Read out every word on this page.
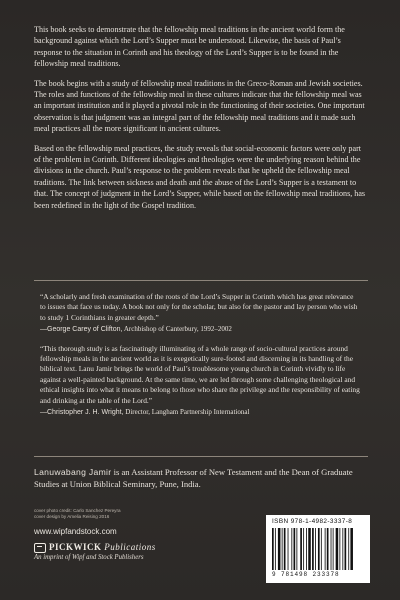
This book seeks to demonstrate that the fellowship meal traditions in the ancient world form the background against which the Lord’s Supper must be understood. Likewise, the basis of Paul’s response to the situation in Corinth and his theology of the Lord’s Supper is to be found in the fellowship meal traditions.

The book begins with a study of fellowship meal traditions in the Greco-Roman and Jewish societies. The roles and functions of the fellowship meal in these cultures indicate that the fellowship meal was an important institution and it played a pivotal role in the functioning of their societies. One important observation is that judgment was an integral part of the fellowship meal traditions and it made such meal practices all the more significant in ancient cultures.

Based on the fellowship meal practices, the study reveals that social-economic factors were only part of the problem in Corinth. Different ideologies and theologies were the underlying reason behind the divisions in the church. Paul’s response to the problem reveals that he upheld the fellowship meal traditions. The link between sickness and death and the abuse of the Lord’s Supper is a testament to that. The concept of judgment in the Lord’s Supper, while based on the fellowship meal traditions, has been redefined in the light of the Gospel tradition.

“A scholarly and fresh examination of the roots of the Lord’s Supper in Corinth which has great relevance to issues that face us today. A book not only for the scholar, but also for the pastor and lay person who wish to study 1 Corinthians in greater depth.”
—George Carey of Clifton, Archbishop of Canterbury, 1992–2002
“This thorough study is as fascinatingly illuminating of a whole range of socio-cultural practices around fellowship meals in the ancient world as it is exegetically sure-footed and discerning in its handling of the biblical text. Lanu Jamir brings the world of Paul’s troublesome young church in Corinth vividly to life against a well-painted background. At the same time, we are led through some challenging theological and ethical insights into what it means to belong to those who share the privilege and the responsibility of eating and drinking at the table of the Lord.”
—Christopher J. H. Wright, Director, Langham Partnership International
Lanuwabang Jamir is an Assistant Professor of New Testament and the Dean of Graduate Studies at Union Biblical Seminary, Pune, India.
cover photo credit: Carlo Sanchez Pereyra
cover design by Amelia Reising 2016
www.wipfandstock.com
PICKWICK Publications
An imprint of Wipf and Stock Publishers
ISBN 978-1-4982-3337-8
9 781498 233378
